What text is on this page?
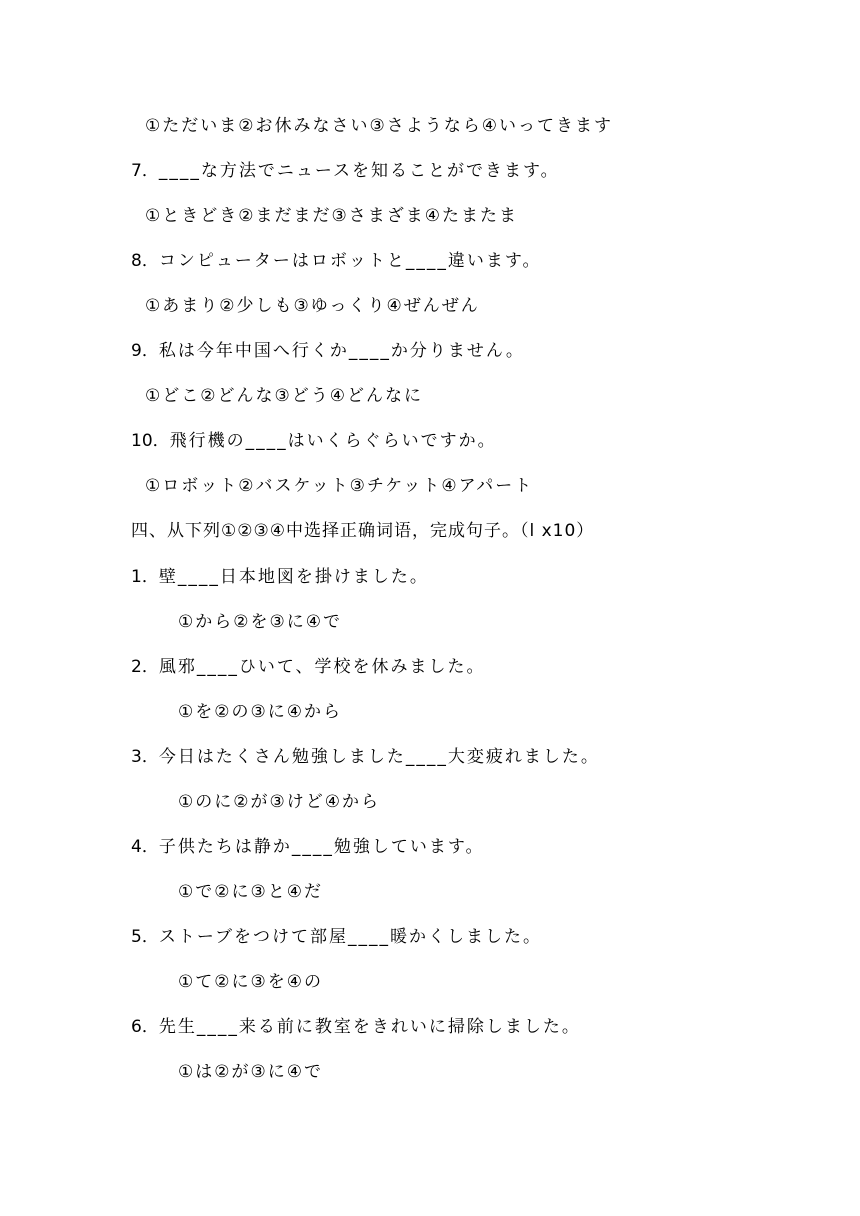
①ただいま②お休みなさい③さようなら④いってきます
7．____な方法でニュースを知ることができます。
①ときどき②まだまだ③さまざま④たまたま
8．コンピューターはロボットと____違います。
①あまり②少しも③ゆっくり④ぜんぜん
9．私は今年中国へ行くか____か分りません。
①どこ②どんな③どう④どんなに
10．飛行機の____はいくらぐらいですか。
①ロボット②バスケット③チケット④アパート
四、从下列①②③④中选择正确词语，完成句子。（l x10）
1．壁____日本地図を掛けました。
①から②を③に④で
2．風邪____ひいて、学校を休みました。
①を②の③に④から
3．今日はたくさん勉強しました____大変疲れました。
①のに②が③けど④から
4．子供たちは静か____勉強しています。
①で②に③と④だ
5．ストーブをつけて部屋____暖かくしました。
①て②に③を④の
6．先生____来る前に教室をきれいに掃除しました。
①は②が③に④で
